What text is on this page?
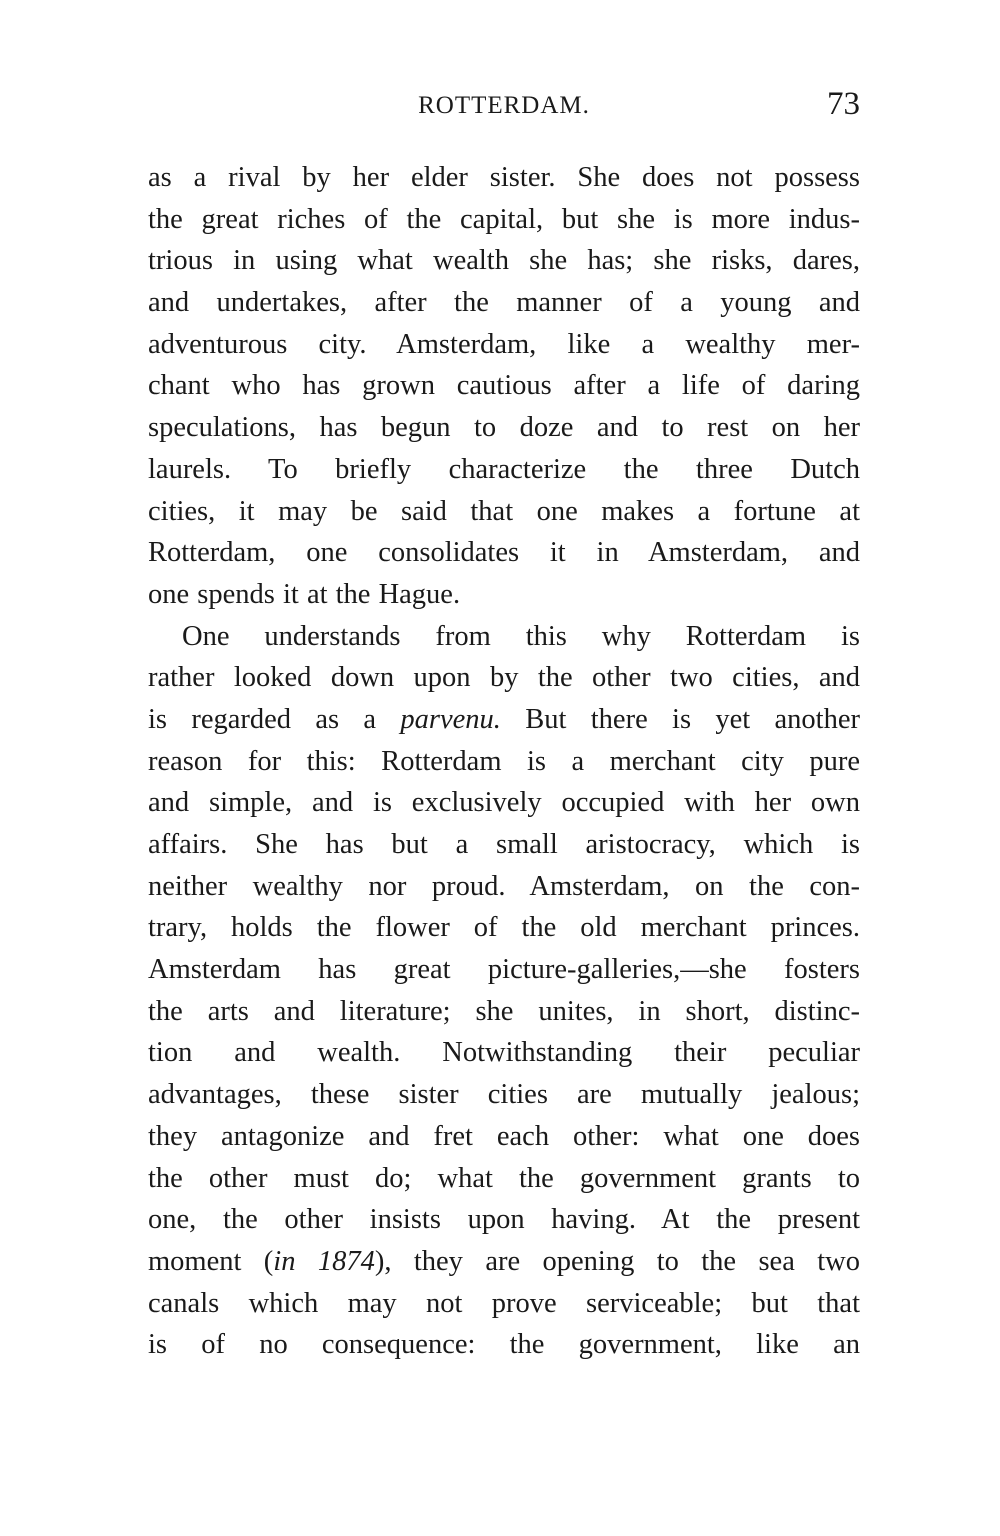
ROTTERDAM.	73
as a rival by her elder sister. She does not possess
the great riches of the capital, but she is more indus-
trious in using what wealth she has; she risks, dares,
and undertakes, after the manner of a young and
adventurous city. Amsterdam, like a wealthy mer-
chant who has grown cautious after a life of daring
speculations, has begun to doze and to rest on her
laurels. To briefly characterize the three Dutch
cities, it may be said that one makes a fortune at
Rotterdam, one consolidates it in Amsterdam, and
one spends it at the Hague.
One understands from this why Rotterdam is
rather looked down upon by the other two cities, and
is regarded as a parvenu. But there is yet another
reason for this: Rotterdam is a merchant city pure
and simple, and is exclusively occupied with her own
affairs. She has but a small aristocracy, which is
neither wealthy nor proud. Amsterdam, on the con-
trary, holds the flower of the old merchant princes.
Amsterdam has great picture-galleries,—she fosters
the arts and literature; she unites, in short, distinc-
tion and wealth. Notwithstanding their peculiar
advantages, these sister cities are mutually jealous;
they antagonize and fret each other: what one does
the other must do; what the government grants to
one, the other insists upon having. At the present
moment (in 1874), they are opening to the sea two
canals which may not prove serviceable; but that
is of no consequence: the government, like an
